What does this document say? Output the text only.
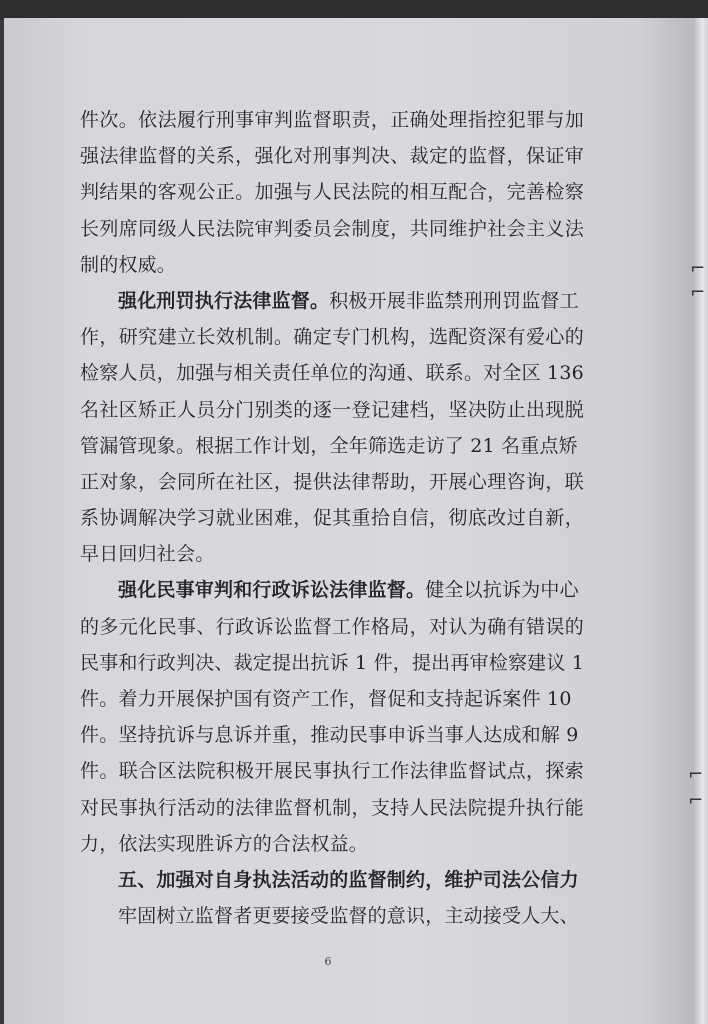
⌐
⌐
⌐
⌐
件 次 。 依 法 履 行 刑 事 审 判 监 督 职 责 ， 正 确 处 理 指 控 犯 罪 与 加
强 法 律 监 督 的 关 系 ， 强 化 对 刑 事 判 决 、 裁 定 的 监 督 ， 保 证 审
判 结 果 的 客 观 公 正 。 加 强 与 人 民 法 院 的 相 互 配 合 ， 完 善 检 察
长 列 席 同 级 人 民 法 院 审 判 委 员 会 制 度 ， 共 同 维 护 社 会 主 义 法
制的权威。
强化刑罚执行法律监督。积极开展非监禁刑刑罚监督工
作 ， 研 究 建 立 长 效 机 制 。 确 定 专 门 机 构 ， 选 配 资 深 有 爱 心 的
检察人员，加强与相关责任单位的沟通、联系。对全区 136
名 社 区 矫 正 人 员 分 门 别 类 的 逐 一 登 记 建 档 ， 坚 决 防 止 出 现 脱
管漏管现象。根据工作计划，全年筛选走访了 21 名重点矫
正 对 象 ， 会 同 所 在 社 区 ， 提 供 法 律 帮 助 ， 开 展 心 理 咨 询 ， 联
系 协 调 解 决 学 习 就 业 困 难 ， 促 其 重 拾 自 信 ， 彻 底 改 过 自 新 ，
早日回归社会。
强化民事审判和行政诉讼法律监督。健全以抗诉为中心
的 多 元 化 民 事 、 行 政 诉 讼 监 督 工 作 格 局 ， 对 认 为 确 有 错 误 的
民事和行政判决、裁定提出抗诉 1 件，提出再审检察建议 1
件。着力开展保护国有资产工作，督促和支持起诉案件 10
件。坚持抗诉与息诉并重，推动民事申诉当事人达成和解 9
件 。 联 合 区 法 院 积 极 开 展 民 事 执 行 工 作 法 律 监 督 试 点 ， 探 索
对 民 事 执 行 活 动 的 法 律 监 督 机 制 ， 支 持 人 民 法 院 提 升 执 行 能
力，依法实现胜诉方的合法权益。
五、加强对自身执法活动的监督制约，维护司法公信力
牢固树立监督者更要接受监督的意识，主动接受人大、
6
